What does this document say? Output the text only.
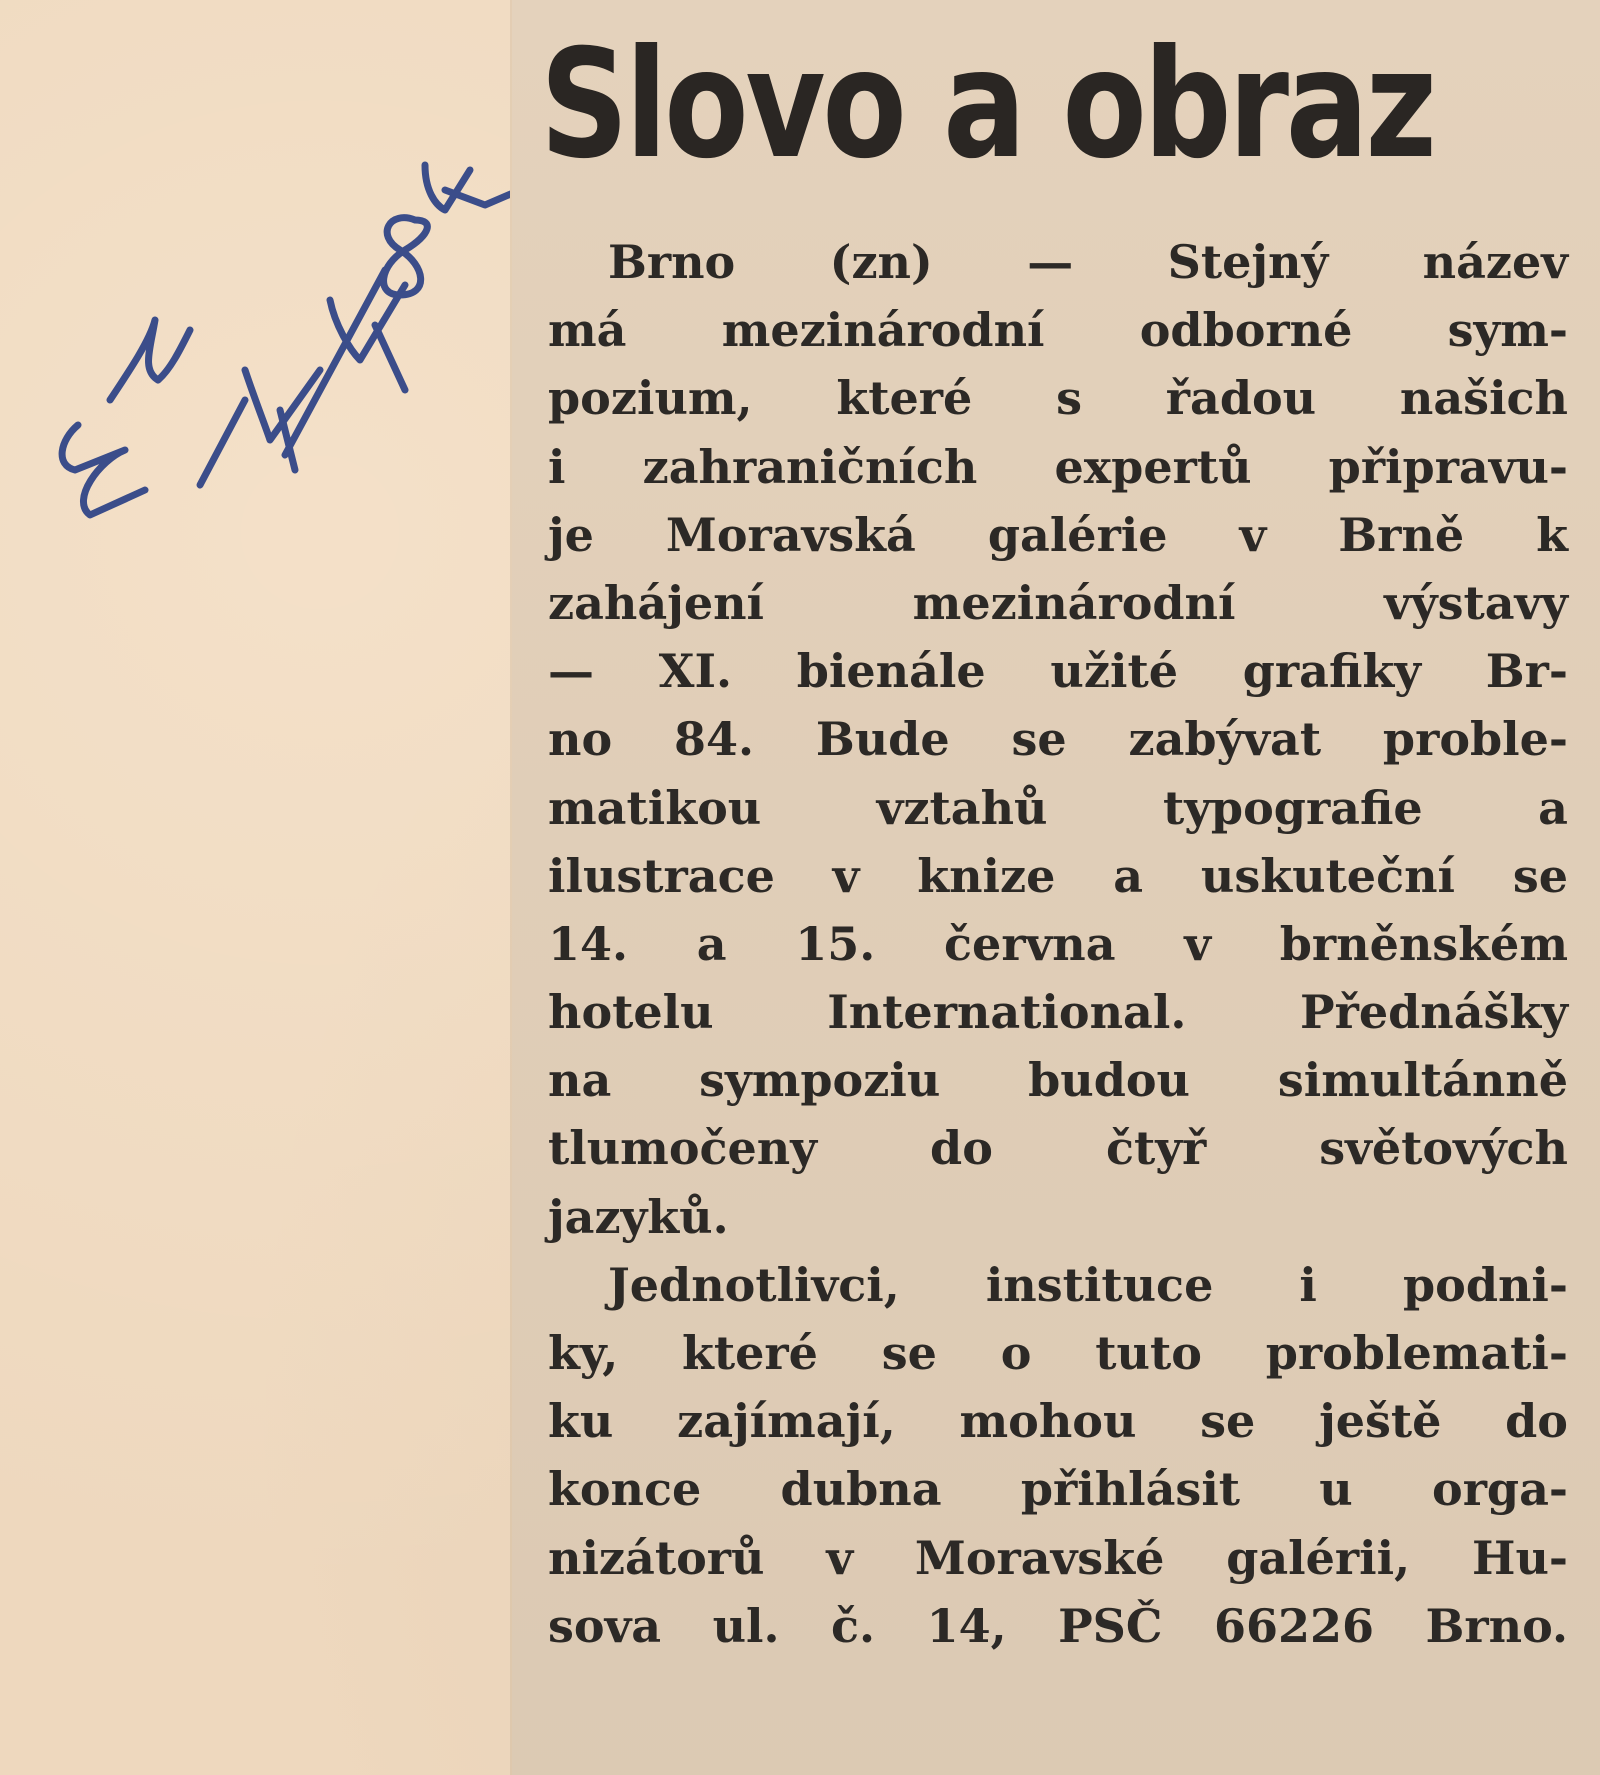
Slovo a obraz
Brno (zn) — Stejný název
má mezinárodní odborné sym-
pozium, které s řadou našich
i zahraničních expertů připravu-
je Moravská galérie v Brně k
zahájení mezinárodní výstavy
— XI. bienále užité grafiky Br-
no 84. Bude se zabývat proble-
matikou vztahů typografie a
ilustrace v knize a uskuteční se
14. a 15. června v brněnském
hotelu International. Přednášky
na sympoziu budou simultánně
tlumočeny do čtyř světových
jazyků.
Jednotlivci, instituce i podni-
ky, které se o tuto problemati-
ku zajímají, mohou se ještě do
konce dubna přihlásit u orga-
nizátorů v Moravské galérii, Hu-
sova ul. č. 14, PSČ 66226 Brno.
